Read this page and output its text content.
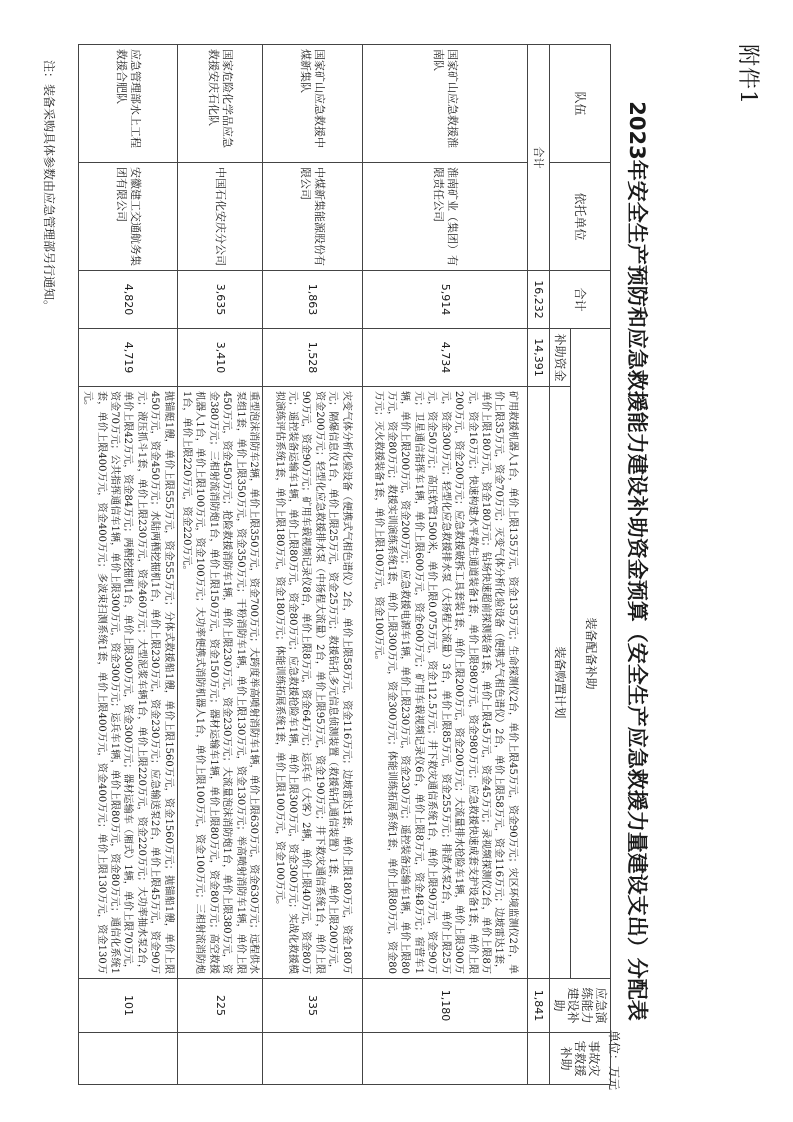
附件1
2023年安全生产预防和应急救援能力建设补助资金预算（安全生产应急救援力量建设支出）分配表
单位：万元
队伍	依托单位	合计	装备配备补助		应急演练能力建设补助	事故灾害救援补助
			补助资金	装备购置计划		
合计		16,232	14,391		1,841	
国家矿山应急救援淮南队	淮南矿业（集团）有限责任公司	5,914	4,734	矿用救援机器人1台，单价上限135万元，资金135万元；生命探测仪2台，单价上限45万元，资金90万元；灾区环境监测仪2台，单价上限35万元，资金70万元；灭变气体分析化验设备（便携式气相色谱仪）2台，单价上限58万元，资金116万元；边坡雷达1套，单价上限180万元，资金180万元；钻场快速超前探测装备1套，单价上限45万元，资金45万元；录视频探测仪2台，单价上限8万元，资金16万元；快速构建水平救生通道装备1套，单价上限980万元，资金980万元；应急救援快速成套支护设备1套，单价上限200万元，资金200万元；应急救援破拆工具套装1套，单价上限200万元，资金200万元；大流量排水抢险车1辆，单价上限300万元，资金300万元；轻型化应急救援排水泵（大扬程大流量）3台，单价上限85万元，资金255万元；排渣水泵2台，单价上限25万元，资金50万元；高压软管1500米，单价上限0.075万元，资金112.5万元；井下救灾通信系统1台，单价上限90万元，资金90万元；卫星通信指挥车1辆，单价上限600万元，资金600万元；矿用车载视频记录仪6台，单价上限8万元，资金48万元；宿营车1辆，单价上限200万元，资金200万元；应急救援电源车1辆，单价上限230万元，资金230万元；遥控装备运输车1辆，单价上限80万元，资金80万元；救援实训演练系统1套，单价上限300万元，资金300万元；体能训练拓展系统1套，单价上限80万元，资金80万元；灭火救援装备1套，单价上限100万元，资金100万元。	1,180	
国家矿山应急救援中煤新集队	中煤新集能源股份有限公司	1,863	1,528	灾变气体分析化验设备（便携式气相色谱仪）2台，单价上限58万元，资金116万元；边坡雷达1套，单价上限180万元，资金180万元；隔爆信息仪1台，单价上限25万元，资金25万元；救援钻孔多元信息侦测装置（救援钻孔通信装置）1套，单价上限200万元，资金200万元；轻型化应急救援排水泵（中扬程大流量）2台，单价上限95万元，资金190万元；井下救灾通信系统1台，单价上限90万元，资金90万元；矿用车载视频记录仪8台，单价上限8万元，资金64万元；运兵车（大客）2辆，单价上限40万元，资金80万元；遥控装备运输车1辆，单价上限80万元，资金80万元；应急救援抢险车1辆，单价上限300万元，资金300万元；实战化救援模拟演练评估系统1套，单价上限180万元，资金180万元；体能训练拓展系统1套，单价上限100万元，资金100万元。	335	
国家危险化学品应急救援安庆石化队	中国石化安庆分公司	3,635	3,410	重型泡沫消防车2辆，单价上限350万元，资金700万元；大跨度举高喷射消防车1辆，单价上限630万元，资金630万元；远程供水泵组1套，单价上限350万元，资金350万元；干粉消防车1辆，单价上限130万元，资金130万元；举高喷射消防车1辆，单价上限450万元，资金450万元；抢险救援消防车1辆，单价上限230万元，资金230万元；大流量泡沫消防炮1台，单价上限380万元，资金380万元；三相射流消防炮1台，单价上限150万元，资金150万元；器材运输车1辆，单价上限80万元，资金80万元；高空救援机器人1台，单价上限100万元，资金100万元；大功率便携式消防机器人1台，单价上限100万元，资金100万元；三相射流消防炮1台，单价上限220万元，资金220万元。	225	
应急管理部水上工程救援合肥队	安徽建工交通航务集团有限公司	4,820	4,719	抛锚艇1艘，单价上限555万元，资金555万元；分体式救援船1艘，单价上限1560万元，资金1560万元；抛锚船1艘，单价上限450万元，资金450万元；水陆两栖挖掘机1台，单价上限230万元，资金230万元；应急输送泵2台，单价上限45万元，资金90万元；液压抓斗1套，单价上限230万元，资金460万元；大型泥浆车辆1台，单价上限220万元，资金220万元；大功率抽水泵2台，单价上限42万元，资金84万元；两栖挖掘机1台，单价上限300万元，资金300万元；器材运输车（厢式）1辆，单价上限70万元，资金70万元；公共指挥通信车1辆，单价上限300万元，资金300万元；运兵车1辆，单价上限80万元，资金80万元；通信化系统1套，单价上限400万元，资金400万元；多波束扫测系统1套，单价上限400万元，资金400万元；单价上限130万元，资金130万元。	101	
注：装备采购具体参数由应急管理部另行通知。
